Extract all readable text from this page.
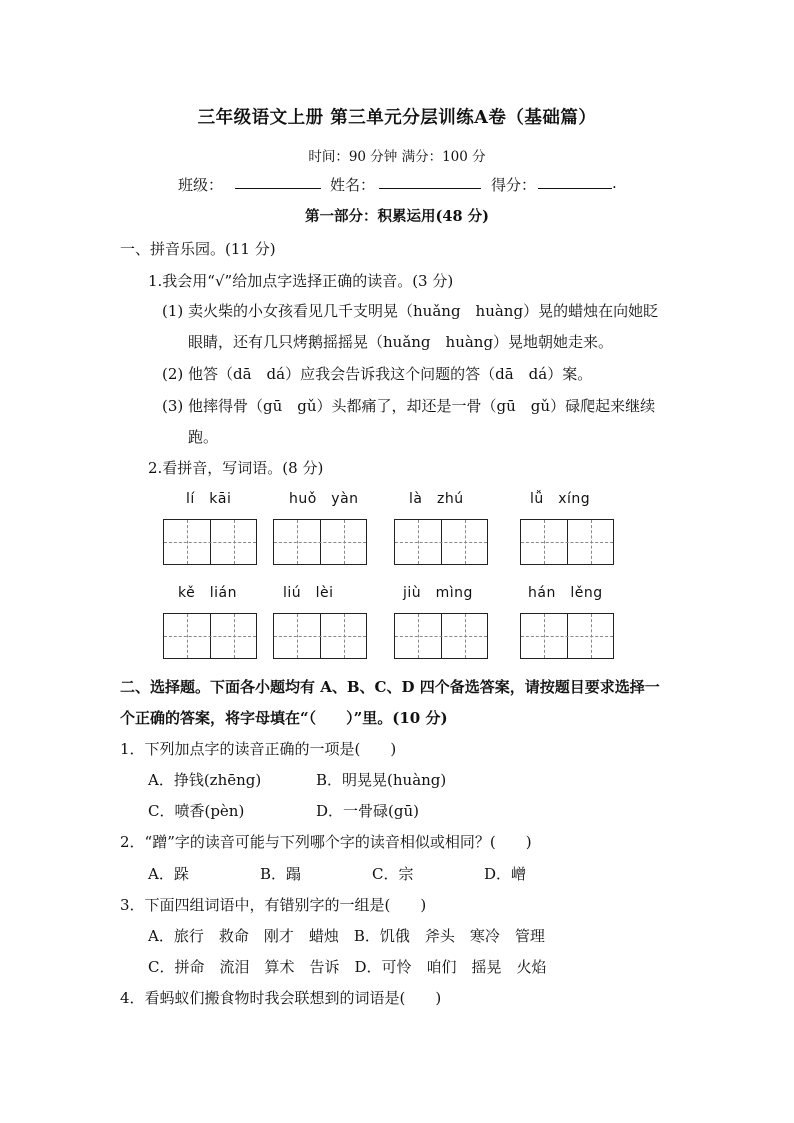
三年级语文上册 第三单元分层训练A卷（基础篇）
时间：90 分钟 满分：100 分
班级：	姓名：	得分：	.
第一部分：积累运用(48 分)
一、拼音乐园。(11 分)
1.我会用“√”给加点字选择正确的读音。(3 分)
(1) 卖火柴的小女孩看见几千支明晃（huǎng　huàng）晃的蜡烛在向她眨
眼睛，还有几只烤鹅摇摇晃（huǎng　huàng）晃地朝她走来。
(2) 他答（dā　dá）应我会告诉我这个问题的答（dā　dá）案。
(3) 他摔得骨（gū　gǔ）头都痛了，却还是一骨（gū　gǔ）碌爬起来继续
跑。
2.看拼音，写词语。(8 分)
lí　kāi	huǒ　yàn	là　zhú	lǚ　xíng
kě　lián	liú　lèi	jiù　mìng	hán　lěng
二、选择题。下面各小题均有 A、B、C、D 四个备选答案，请按题目要求选择一
个正确的答案，将字母填在“（　　）”里。(10 分)
1．下列加点字的读音正确的一项是(　　)
A．挣钱(zhēng)	B．明晃晃(huàng)
C．喷香(pèn)	D．一骨碌(gū)
2．“蹭”字的读音可能与下列哪个字的读音相似或相同？(　　)
A．跺	B．蹋	C．宗	D．嶒
3．下面四组词语中，有错别字的一组是(　　)
A．旅行　救命　刚才　蜡烛　B．饥俄　斧头　寒冷　管理
C．拼命　流泪　算术　告诉　D．可怜　咱们　摇晃　火焰
4．看蚂蚁们搬食物时我会联想到的词语是(　　)
